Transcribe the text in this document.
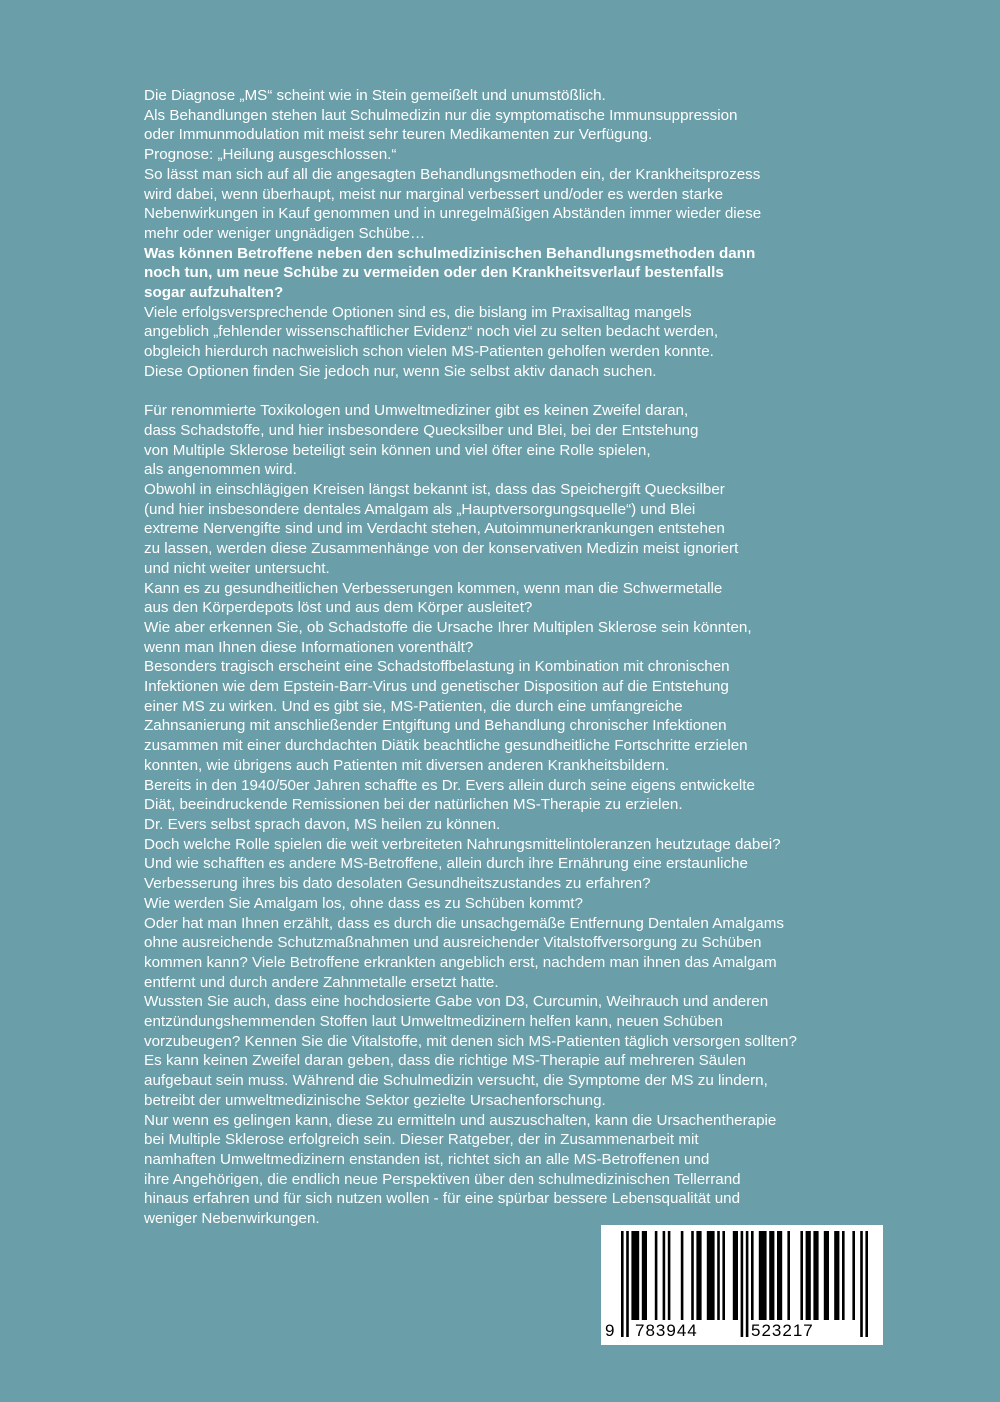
Die Diagnose „MS“ scheint wie in Stein gemeißelt und unumstößlich.
Als Behandlungen stehen laut Schulmedizin nur die symptomatische Immunsuppression
oder Immunmodulation mit meist sehr teuren Medikamenten zur Verfügung.
Prognose: „Heilung ausgeschlossen.“
So lässt man sich auf all die angesagten Behandlungsmethoden ein, der Krankheitsprozess
wird dabei, wenn überhaupt, meist nur marginal verbessert und/oder es werden starke
Nebenwirkungen in Kauf genommen und in unregelmäßigen Abständen immer wieder diese
mehr oder weniger ungnädigen Schübe…
Was können Betroffene neben den schulmedizinischen Behandlungsmethoden dann
noch tun, um neue Schübe zu vermeiden oder den Krankheitsverlauf bestenfalls
sogar aufzuhalten?
Viele erfolgsversprechende Optionen sind es, die bislang im Praxisalltag mangels
angeblich „fehlender wissenschaftlicher Evidenz“ noch viel zu selten bedacht werden,
obgleich hierdurch nachweislich schon vielen MS-Patienten geholfen werden konnte.
Diese Optionen finden Sie jedoch nur, wenn Sie selbst aktiv danach suchen.
Für renommierte Toxikologen und Umweltmediziner gibt es keinen Zweifel daran,
dass Schadstoffe, und hier insbesondere Quecksilber und Blei, bei der Entstehung
von Multiple Sklerose beteiligt sein können und viel öfter eine Rolle spielen,
als angenommen wird.
Obwohl in einschlägigen Kreisen längst bekannt ist, dass das Speichergift Quecksilber
(und hier insbesondere dentales Amalgam als „Hauptversorgungsquelle“) und Blei
extreme Nervengifte sind und im Verdacht stehen, Autoimmunerkrankungen entstehen
zu lassen, werden diese Zusammenhänge von der konservativen Medizin meist ignoriert
und nicht weiter untersucht.
Kann es zu gesundheitlichen Verbesserungen kommen, wenn man die Schwermetalle
aus den Körperdepots löst und aus dem Körper ausleitet?
Wie aber erkennen Sie, ob Schadstoffe die Ursache Ihrer Multiplen Sklerose sein könnten,
wenn man Ihnen diese Informationen vorenthält?
Besonders tragisch erscheint eine Schadstoffbelastung in Kombination mit chronischen
Infektionen wie dem Epstein-Barr-Virus und genetischer Disposition auf die Entstehung
einer MS zu wirken. Und es gibt sie, MS-Patienten, die durch eine umfangreiche
Zahnsanierung mit anschließender Entgiftung und Behandlung chronischer Infektionen
zusammen mit einer durchdachten Diätik beachtliche gesundheitliche Fortschritte erzielen
konnten, wie übrigens auch Patienten mit diversen anderen Krankheitsbildern.
Bereits in den 1940/50er Jahren schaffte es Dr. Evers allein durch seine eigens entwickelte
Diät, beeindruckende Remissionen bei der natürlichen MS-Therapie zu erzielen.
Dr. Evers selbst sprach davon, MS heilen zu können.
Doch welche Rolle spielen die weit verbreiteten Nahrungsmittelintoleranzen heutzutage dabei?
Und wie schafften es andere MS-Betroffene, allein durch ihre Ernährung eine erstaunliche
Verbesserung ihres bis dato desolaten Gesundheitszustandes zu erfahren?
Wie werden Sie Amalgam los, ohne dass es zu Schüben kommt?
Oder hat man Ihnen erzählt, dass es durch die unsachgemäße Entfernung Dentalen Amalgams
ohne ausreichende Schutzmaßnahmen und ausreichender Vitalstoffversorgung zu Schüben
kommen kann? Viele Betroffene erkrankten angeblich erst, nachdem man ihnen das Amalgam
entfernt und durch andere Zahnmetalle ersetzt hatte.
Wussten Sie auch, dass eine hochdosierte Gabe von D3, Curcumin, Weihrauch und anderen
entzündungshemmenden Stoffen laut Umweltmedizinern helfen kann, neuen Schüben
vorzubeugen? Kennen Sie die Vitalstoffe, mit denen sich MS-Patienten täglich versorgen sollten?
Es kann keinen Zweifel daran geben, dass die richtige MS-Therapie auf mehreren Säulen
aufgebaut sein muss. Während die Schulmedizin versucht, die Symptome der MS zu lindern,
betreibt der umweltmedizinische Sektor gezielte Ursachenforschung.
Nur wenn es gelingen kann, diese zu ermitteln und auszuschalten, kann die Ursachentherapie
bei Multiple Sklerose erfolgreich sein. Dieser Ratgeber, der in Zusammenarbeit mit
namhaften Umweltmedizinern enstanden ist, richtet sich an alle MS-Betroffenen und
ihre Angehörigen, die endlich neue Perspektiven über den schulmedizinischen Tellerrand
hinaus erfahren und für sich nutzen wollen - für eine spürbar bessere Lebensqualität und
weniger Nebenwirkungen.
9 783944	523217
